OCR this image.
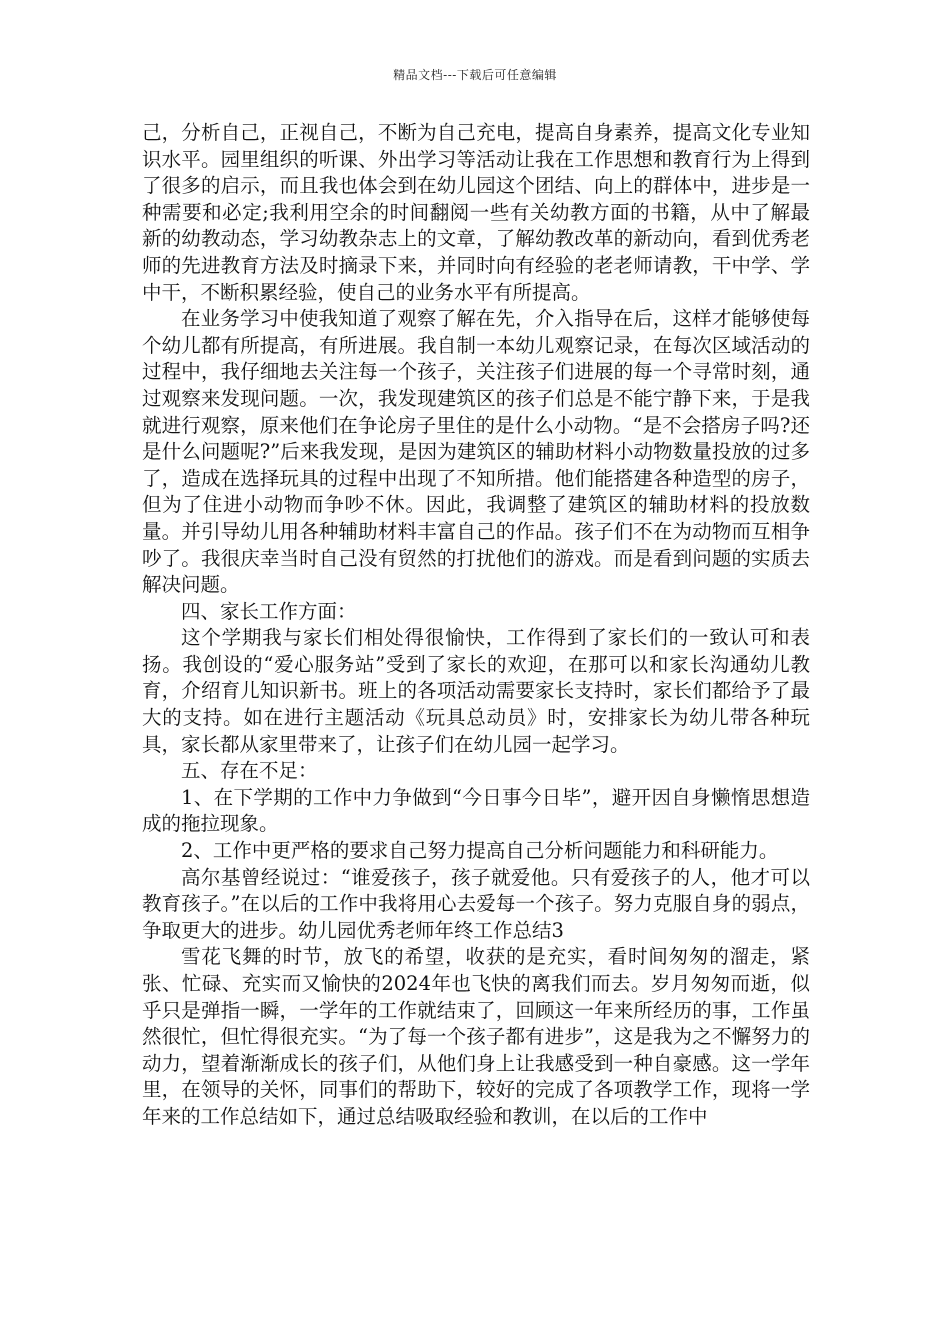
精品文档---下载后可任意编辑

己，分析自己，正视自己，不断为自己充电，提高自身素养，提高文化专业知识水平。园里组织的听课、外出学习等活动让我在工作思想和教育行为上得到了很多的启示，而且我也体会到在幼儿园这个团结、向上的群体中，进步是一种需要和必定;我利用空余的时间翻阅一些有关幼教方面的书籍，从中了解最新的幼教动态，学习幼教杂志上的文章，了解幼教改革的新动向，看到优秀老师的先进教育方法及时摘录下来，并同时向有经验的老老师请教，干中学、学中干，不断积累经验，使自己的业务水平有所提高。

在业务学习中使我知道了观察了解在先，介入指导在后，这样才能够使每个幼儿都有所提高，有所进展。我自制一本幼儿观察记录，在每次区域活动的过程中，我仔细地去关注每一个孩子，关注孩子们进展的每一个寻常时刻，通过观察来发现问题。一次，我发现建筑区的孩子们总是不能宁静下来，于是我就进行观察，原来他们在争论房子里住的是什么小动物。“是不会搭房子吗?还是什么问题呢?”后来我发现，是因为建筑区的辅助材料小动物数量投放的过多了，造成在选择玩具的过程中出现了不知所措。他们能搭建各种造型的房子，但为了住进小动物而争吵不休。因此，我调整了建筑区的辅助材料的投放数量。并引导幼儿用各种辅助材料丰富自己的作品。孩子们不在为动物而互相争吵了。我很庆幸当时自己没有贸然的打扰他们的游戏。而是看到问题的实质去解决问题。

四、家长工作方面：

这个学期我与家长们相处得很愉快，工作得到了家长们的一致认可和表扬。我创设的“爱心服务站”受到了家长的欢迎，在那可以和家长沟通幼儿教育，介绍育儿知识新书。班上的各项活动需要家长支持时，家长们都给予了最大的支持。如在进行主题活动《玩具总动员》时，安排家长为幼儿带各种玩具，家长都从家里带来了，让孩子们在幼儿园一起学习。

五、存在不足：

1、在下学期的工作中力争做到“今日事今日毕”，避开因自身懒惰思想造成的拖拉现象。

2、工作中更严格的要求自己努力提高自己分析问题能力和科研能力。

高尔基曾经说过：“谁爱孩子，孩子就爱他。只有爱孩子的人，他才可以教育孩子。”在以后的工作中我将用心去爱每一个孩子。努力克服自身的弱点，争取更大的进步。幼儿园优秀老师年终工作总结3

雪花飞舞的时节，放飞的希望，收获的是充实，看时间匆匆的溜走，紧张、忙碌、充实而又愉快的2024年也飞快的离我们而去。岁月匆匆而逝，似乎只是弹指一瞬，一学年的工作就结束了，回顾这一年来所经历的事，工作虽然很忙，但忙得很充实。“为了每一个孩子都有进步”，这是我为之不懈努力的动力，望着渐渐成长的孩子们，从他们身上让我感受到一种自豪感。这一学年里，在领导的关怀，同事们的帮助下，较好的完成了各项教学工作，现将一学年来的工作总结如下，通过总结吸取经验和教训，在以后的工作中
